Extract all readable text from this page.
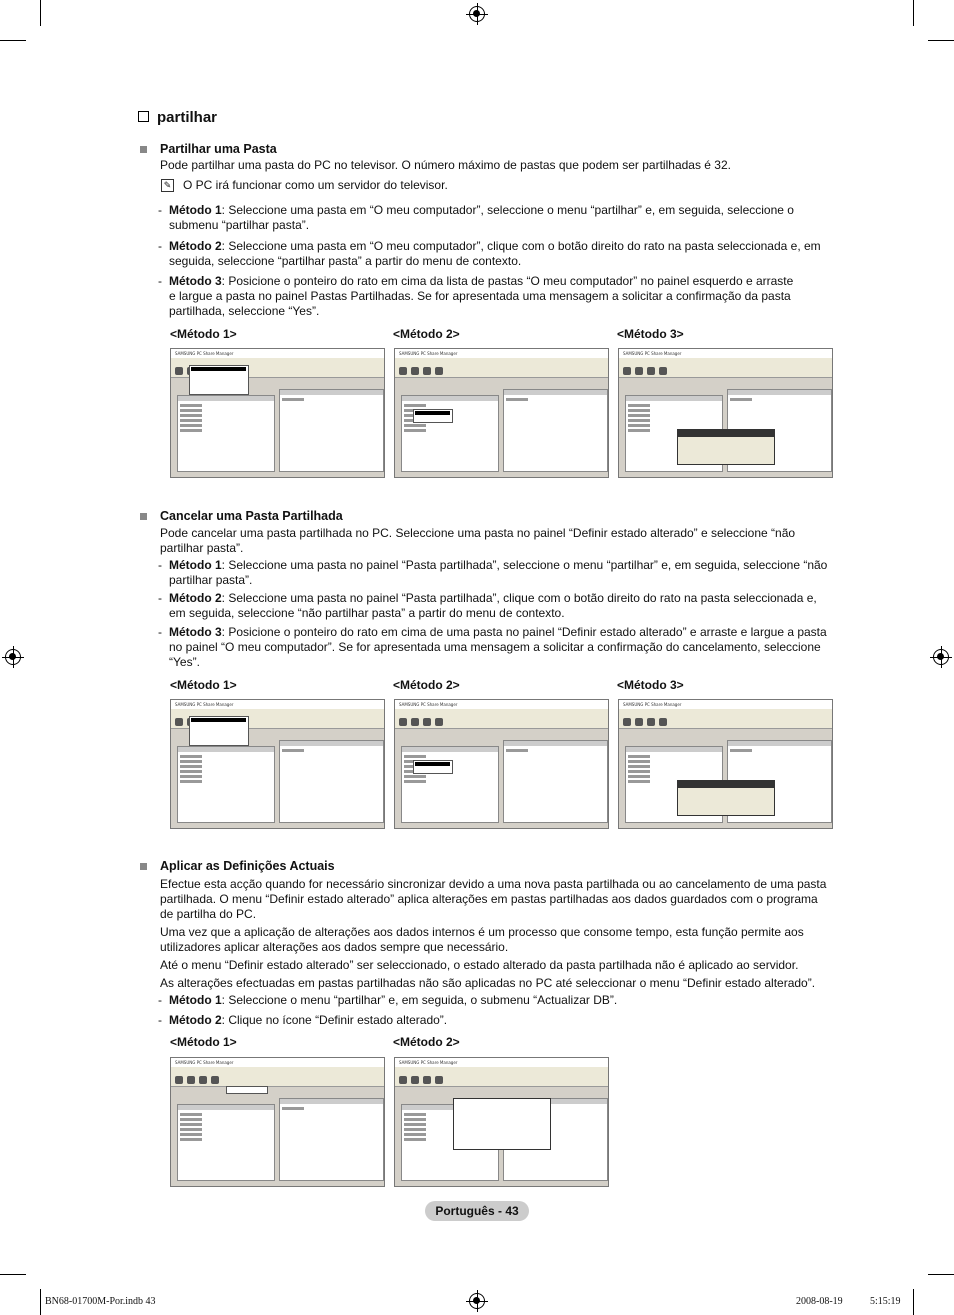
partilhar
Partilhar uma Pasta
Pode partilhar uma pasta do PC no televisor. O número máximo de pastas que podem ser partilhadas é 32.
✎ O PC irá funcionar como um servidor do televisor.
- Método 1: Seleccione uma pasta em “O meu computador”, seleccione o menu “partilhar” e, em seguida, seleccione o
submenu “partilhar pasta”.
- Método 2: Seleccione uma pasta em “O meu computador”, clique com o botão direito do rato na pasta seleccionada e, em
seguida, seleccione “partilhar pasta” a partir do menu de contexto.
- Método 3: Posicione o ponteiro do rato em cima da lista de pastas “O meu computador” no painel esquerdo e arraste
e largue a pasta no painel Pastas Partilhadas. Se for apresentada uma mensagem a solicitar a confirmação da pasta
partilhada, seleccione “Yes”.
<Método 1>	<Método 2>	<Método 3>
Cancelar uma Pasta Partilhada
Pode cancelar uma pasta partilhada no PC. Seleccione uma pasta no painel “Definir estado alterado” e seleccione “não
partilhar pasta”.
- Método 1: Seleccione uma pasta no painel “Pasta partilhada”, seleccione o menu “partilhar” e, em seguida, seleccione “não
partilhar pasta”.
- Método 2: Seleccione uma pasta no painel “Pasta partilhada”, clique com o botão direito do rato na pasta seleccionada e,
em seguida, seleccione “não partilhar pasta” a partir do menu de contexto.
- Método 3: Posicione o ponteiro do rato em cima de uma pasta no painel “Definir estado alterado” e arraste e largue a pasta
no painel “O meu computador”. Se for apresentada uma mensagem a solicitar a confirmação do cancelamento, seleccione
“Yes”.
<Método 1>	<Método 2>	<Método 3>
Aplicar as Definições Actuais
Efectue esta acção quando for necessário sincronizar devido a uma nova pasta partilhada ou ao cancelamento de uma pasta
partilhada. O menu “Definir estado alterado” aplica alterações em pastas partilhadas aos dados guardados com o programa
de partilha do PC.
Uma vez que a aplicação de alterações aos dados internos é um processo que consome tempo, esta função permite aos
utilizadores aplicar alterações aos dados sempre que necessário.
Até o menu “Definir estado alterado” ser seleccionado, o estado alterado da pasta partilhada não é aplicado ao servidor.
As alterações efectuadas em pastas partilhadas não são aplicadas no PC até seleccionar o menu “Definir estado alterado”.
- Método 1: Seleccione o menu “partilhar” e, em seguida, o submenu “Actualizar DB”.
- Método 2: Clique no ícone “Definir estado alterado”.
<Método 1>	<Método 2>
SAMSUNG PC Share Manager	SAMSUNG PC Share Manager	SAMSUNG PC Share Manager
SAMSUNG PC Share Manager	SAMSUNG PC Share Manager	SAMSUNG PC Share Manager
SAMSUNG PC Share Manager	SAMSUNG PC Share Manager
Português - 43
BN68-01700M-Por.indb 43	2008-08-19	5:15:19
